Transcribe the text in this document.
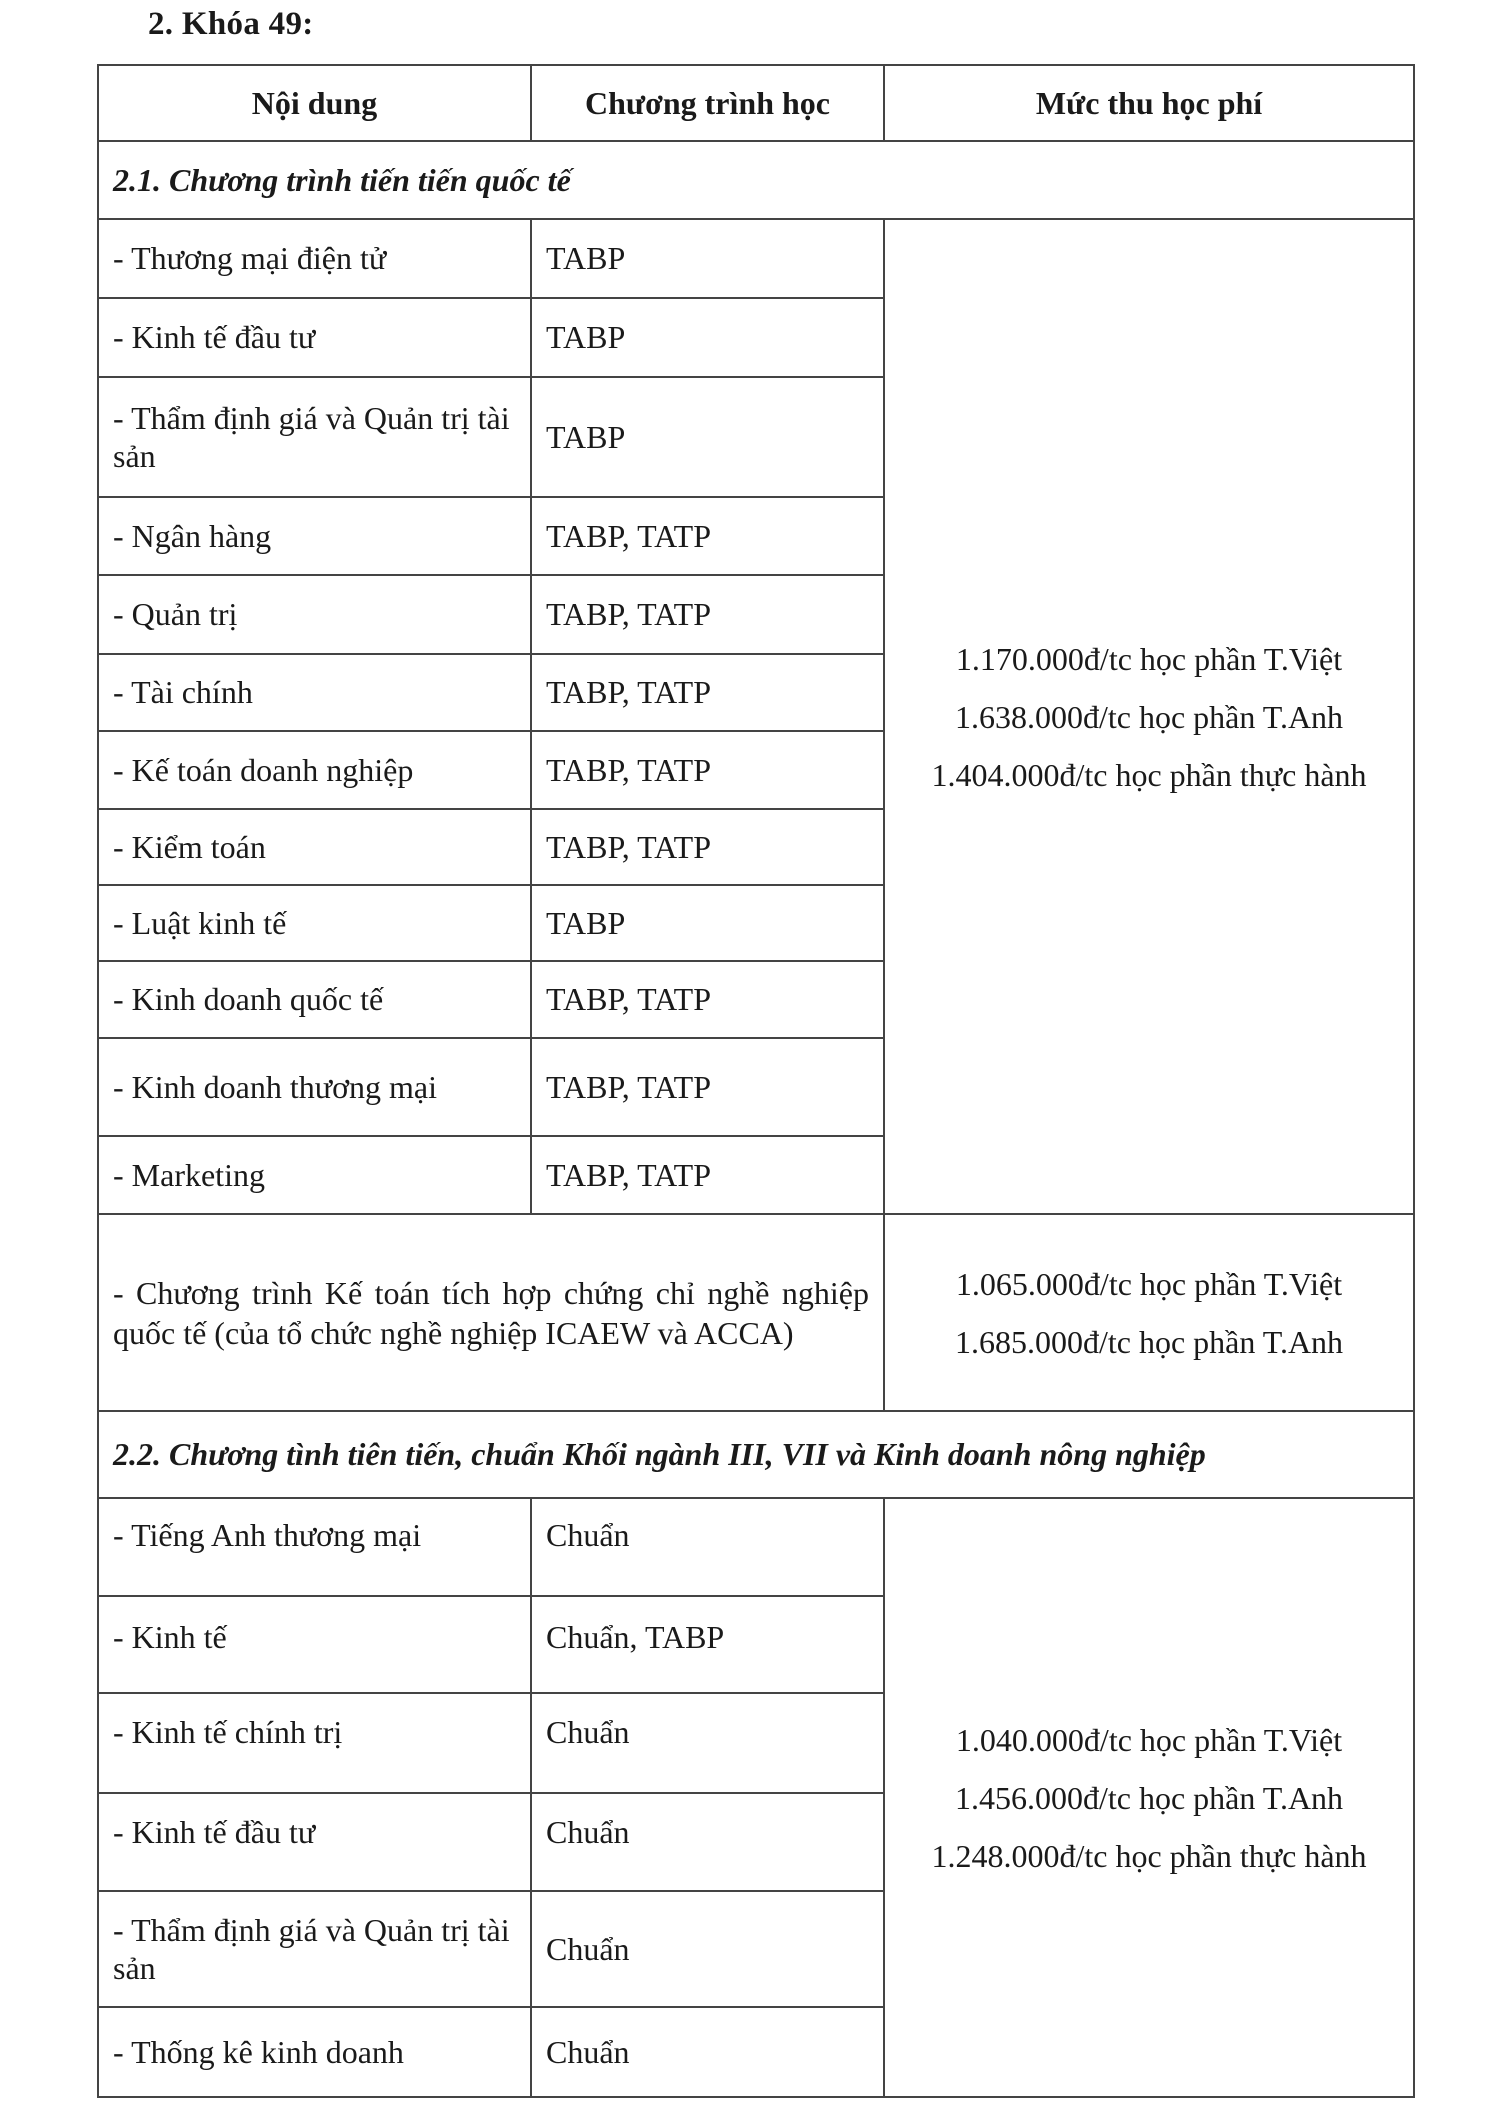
2. Khóa 49:
Nội dung	Chương trình học	Mức thu học phí
2.1. Chương trình tiến tiến quốc tế		
- Thương mại điện tử	TABP	1.170.000đ/tc học phần T.Việt
1.638.000đ/tc học phần T.Anh
1.404.000đ/tc học phần thực hành

- Kinh tế đầu tư	TABP	
- Thẩm định giá và Quản trị tài sản	TABP	
- Ngân hàng	TABP, TATP	
- Quản trị	TABP, TATP	
- Tài chính	TABP, TATP	
- Kế toán doanh nghiệp	TABP, TATP	
- Kiểm toán	TABP, TATP	
- Luật kinh tế	TABP	
- Kinh doanh quốc tế	TABP, TATP	
- Kinh doanh thương mại	TABP, TATP	
- Marketing	TABP, TATP	
- Chương trình Kế toán tích hợp chứng chỉ nghề nghiệp quốc tế (của tổ chức nghề nghiệp ICAEW và ACCA)		1.065.000đ/tc học phần T.Việt
1.685.000đ/tc học phần T.Anh

2.2. Chương tình tiên tiến, chuẩn Khối ngành III, VII và Kinh doanh nông nghiệp		
- Tiếng Anh thương mại	Chuẩn	1.040.000đ/tc học phần T.Việt
1.456.000đ/tc học phần T.Anh
1.248.000đ/tc học phần thực hành

- Kinh tế	Chuẩn, TABP	
- Kinh tế chính trị	Chuẩn	
- Kinh tế đầu tư	Chuẩn	
- Thẩm định giá và Quản trị tài sản	Chuẩn	
- Thống kê kinh doanh	Chuẩn	
